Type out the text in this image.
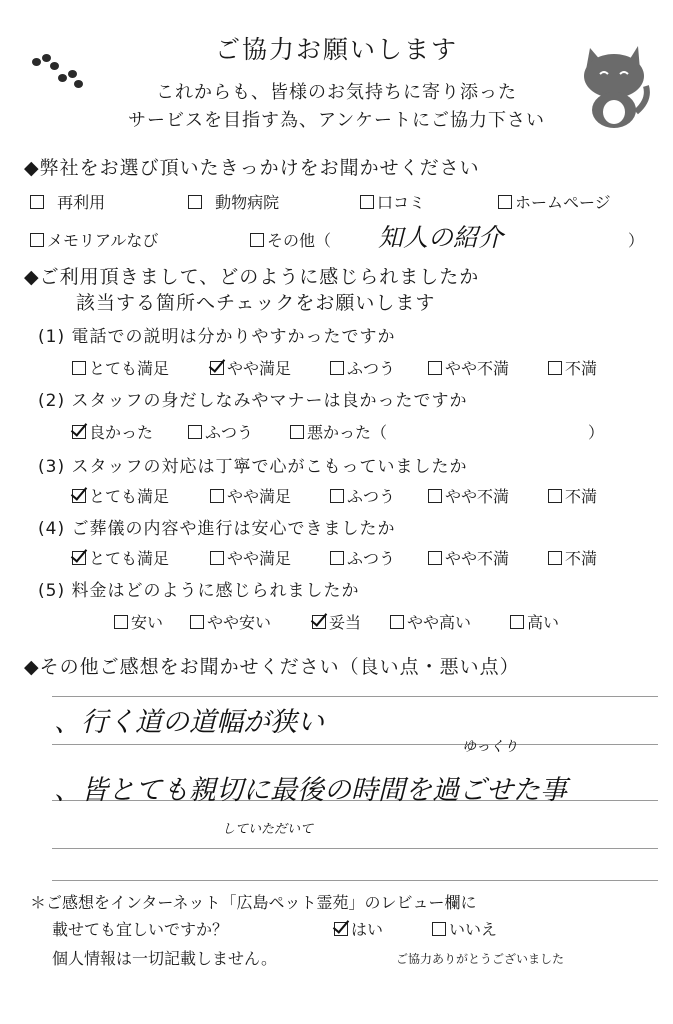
ご協力お願いします
これからも、皆様のお気持ちに寄り添った
サービスを目指す為、アンケートにご協力下さい
◆弊社をお選び頂いたきっかけをお聞かせください
再利用	動物病院	口コミ	ホームページ
メモリアルなび	その他（ 知人の紹介	）
◆ご利用頂きまして、どのように感じられましたか
該当する箇所へチェックをお願いします
(1) 電話での説明は分かりやすかったですか
とても満足	やや満足	ふつう	やや不満	不満
(2) スタッフの身だしなみやマナーは良かったですか
良かった	ふつう	悪かった（	）
(3) スタッフの対応は丁寧で心がこもっていましたか
とても満足	やや満足	ふつう	やや不満	不満
(4) ご葬儀の内容や進行は安心できましたか
とても満足	やや満足	ふつう	やや不満	不満
(5) 料金はどのように感じられましたか
安い	やや安い	妥当	やや高い	高い
◆その他ご感想をお聞かせください（良い点・悪い点）
、行く道の道幅が狭い
ゆっくり
、皆とても親切に最後の時間を過ごせた事
していただいて
＊ご感想をインターネット「広島ペット霊苑」のレビュー欄に
載せても宜しいですか？	はい	いいえ
個人情報は一切記載しません。	ご協力ありがとうございました
